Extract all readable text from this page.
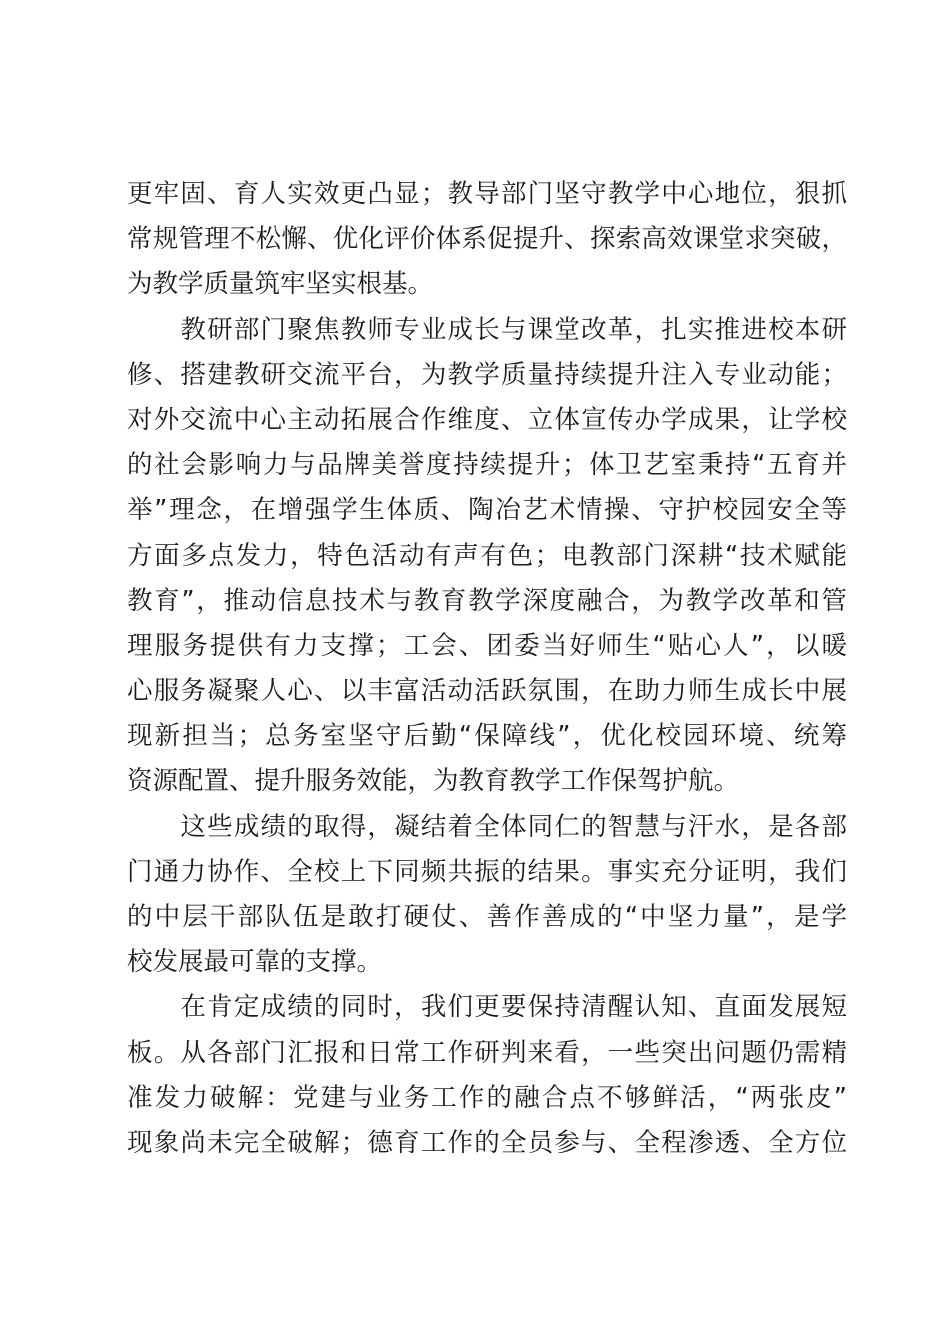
更牢固、育人实效更凸显；教导部门坚守教学中心地位，狠抓
常规管理不松懈、优化评价体系促提升、探索高效课堂求突破，
为教学质量筑牢坚实根基。
　　教研部门聚焦教师专业成长与课堂改革，扎实推进校本研
修、搭建教研交流平台，为教学质量持续提升注入专业动能；
对外交流中心主动拓展合作维度、立体宣传办学成果，让学校
的社会影响力与品牌美誉度持续提升；体卫艺室秉持“五育并
举”理念，在增强学生体质、陶冶艺术情操、守护校园安全等
方面多点发力，特色活动有声有色；电教部门深耕“技术赋能
教育”，推动信息技术与教育教学深度融合，为教学改革和管
理服务提供有力支撑；工会、团委当好师生“贴心人”，以暖
心服务凝聚人心、以丰富活动活跃氛围，在助力师生成长中展
现新担当；总务室坚守后勤“保障线”，优化校园环境、统筹
资源配置、提升服务效能，为教育教学工作保驾护航。
　　这些成绩的取得，凝结着全体同仁的智慧与汗水，是各部
门通力协作、全校上下同频共振的结果。事实充分证明，我们
的中层干部队伍是敢打硬仗、善作善成的“中坚力量”，是学
校发展最可靠的支撑。
　　在肯定成绩的同时，我们更要保持清醒认知、直面发展短
板。从各部门汇报和日常工作研判来看，一些突出问题仍需精
准发力破解：党建与业务工作的融合点不够鲜活，“两张皮”
现象尚未完全破解；德育工作的全员参与、全程渗透、全方位
